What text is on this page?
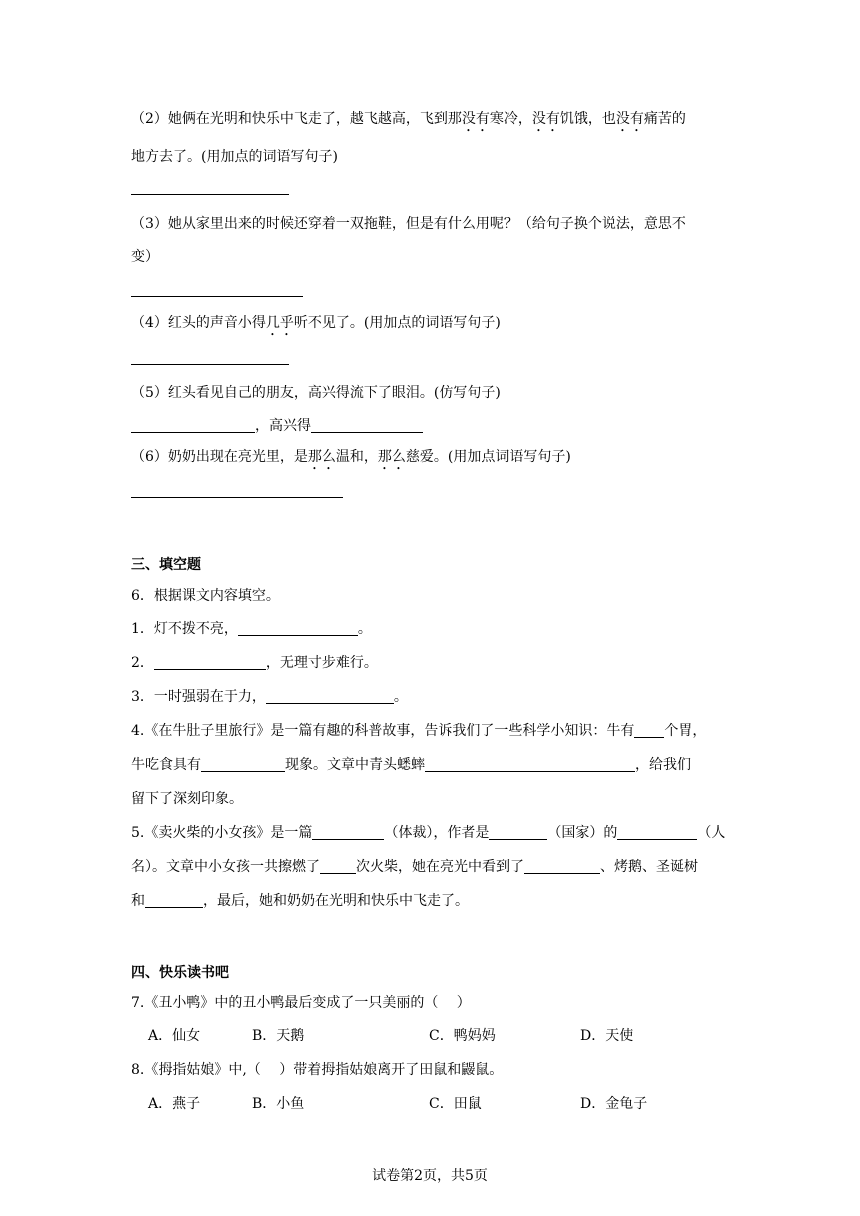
（2）她俩在光明和快乐中飞走了，越飞越高，飞到那没有寒冷，没有饥饿，也没有痛苦的
地方去了。(用加点的词语写句子)
（3）她从家里出来的时候还穿着一双拖鞋，但是有什么用呢？（给句子换个说法，意思不
变）
（4）红头的声音小得几乎听不见了。(用加点的词语写句子)
（5）红头看见自己的朋友，高兴得流下了眼泪。(仿写句子)
，高兴得
（6）奶奶出现在亮光里，是那么温和，那么慈爱。(用加点词语写句子)
三、填空题
6．根据课文内容填空。
1．灯不拨不亮，	。
2．	，无理寸步难行。
3．一时强弱在于力，	。
4.《在牛肚子里旅行》是一篇有趣的科普故事，告诉我们了一些科学小知识：牛有 个胃，
牛吃食具有	现象。文章中青头蟋蟀	，给我们
留下了深刻印象。
5.《卖火柴的小女孩》是一篇	（体裁），作者是	（国家）的	（人
名）。文章中小女孩一共擦燃了	次火柴，她在亮光中看到了	、烤鹅、圣诞树
和	，最后，她和奶奶在光明和快乐中飞走了。
四、快乐读书吧
7.《丑小鸭》中的丑小鸭最后变成了一只美丽的（　 ）
A．仙女	B．天鹅	C．鸭妈妈	D．天使
8.《拇指姑娘》中,（　 ）带着拇指姑娘离开了田鼠和鼹鼠。
A．燕子	B．小鱼	C．田鼠	D．金龟子
试卷第2页，共5页
